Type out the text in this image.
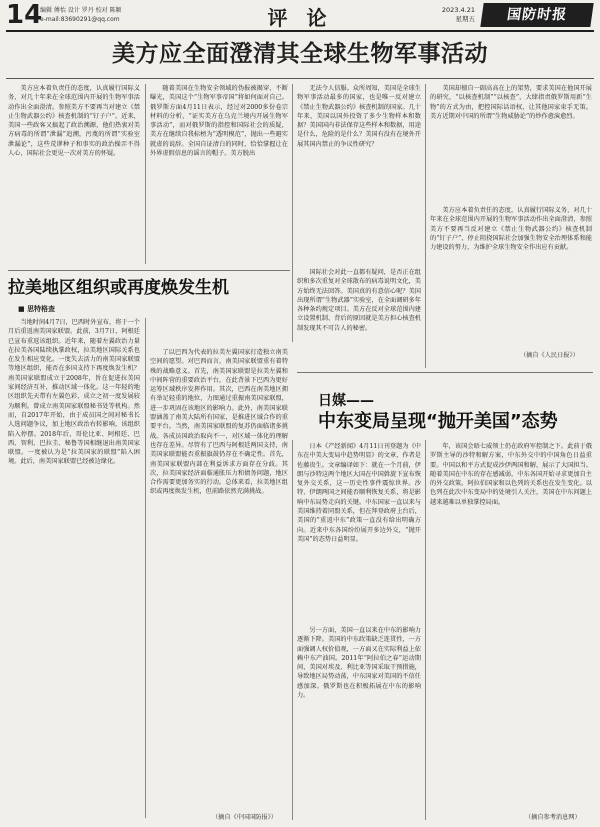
14
编辑 傅怡 设计 罗丹 校对 陈颖
e-mail:83690291@qq.com	评 论	2023.4.21
星期五	国防时报
美方应全面澄清其全球生物军事活动

美方应本着负责任的态度，认真履行国际义务，对几十年来在全球范围内开展的生物军事活动作出全面澄清。参照美方不要再当对建立《禁止生物武器公约》核查机制的“钉子户”。近来，美国一些政客又搞起了政治溯源，他们热衷对美方病毒的所谓“泄漏”追溯，污蔑的所谓“实验室泄漏论”，这些荒谬种子和事实的政治操弄不得人心，国际社会更见一次对美方的怀疑。

随着美国在生物安全领域的伪报被揭穿，不断曝光，美国这个“生物军事帝国”将如何面对自己。俄罗斯方面4月11日表示，经过对2000多份卷宗材料的分析，“证实美方在乌克兰境内开展生物军事活动”，而对俄罗斯的指控和国际社会的质疑，美方在继续自我标榜为“透明模范”，抛出一些避实就虚的说辞。全国自证清白的同时，恰恰掌握让在外界虚假信息的谣言的帽子。美方脱出

无法令人信服。众所周知，美国是全球生物军事活动最多的国家，也是唯一反对建立《禁止生物武器公约》核查机制的国家。几十年来，美国以国外投资了多少生物样本和数据？美国国内非法保存这些样本和数据，用途是什么，危险的是什么？美国有没有在境外开展其国内禁止的争议性研究？

国际社会对此一直都有疑问，是否正在组织和多次重复对全球散布的病毒说明文化，美方始终无法回答。美国真的有意信心呢？美国出现所谓“生物武器”实验室，在全面调研多年各种条约规定项目。美方在反对全球范围内建立设置机制、背后的原因就是美方担心核查机制发现其不可告人的秘密。

美国却擅自一副高高在上的架势，要求美国在他国开展的研究，“以核查机制”“以核查”，大肆指责俄罗斯用新“生物”的方式为由，把控国际话语权，让其他国家束手无策。美方近期对中国的所谓“生物威胁论”的炒作愈演愈烈。

美方应本着负责任的态度，认真履行国际义务，对几十年来在全球范围内开展的生物军事活动作出全面澄清，参照美方不要再当反对建立《禁止生物武器公约》核查机制的“钉子户”，停止阻挠国际社会加强生物安全治理体系和能力建设的努力，为维护全球生物安全作出应有贡献。

（摘自《人民日报》）
拉美地区组织或再度焕发生机
■ 思特格查

当地时间4月7日，巴西时外宣布，将于一个月后重返南美国家联盟。此前，3月7日，阿根廷已宣布重返该组织。近年来，随着左翼政治力量在拉美各国陆续执掌政权，拉美地区国际关系也在发生相应变化。一度失去活力的南美国家联盟等地区组织，能否在多国支持下再度焕发生机？南美国家联盟成立于2008年，旨在促进拉美国家间经济互补，推动区域一体化。这一年轻的地区组织先天带有左翼色彩，成立之初一度发展较为顺利。曾成立南美国家联盟秘书处等机构。然而，自2017年开始，由于成员国之间对秘书长人选问题争议，加上地区政治右转影响，该组织陷入停摆。2018年后，哥伦比亚、阿根廷、巴西、智利、巴拉圭、秘鲁等国相继退出南美国家联盟。一度被认为是“拉美国家的联盟”陷入困境。此后，南美国家联盟已经被边缘化。

了以巴西为代表的拉美左翼国家打造独立南美空间的愿望。对巴西而言，南美国家联盟重有着特殊的战略意义。首先，南美国家联盟是拉美左翼和中间阵营的重要政治平台，在此背景下巴西为更好运筹区域秩序发挥作用。其次，巴西在南美地区拥有举足轻重的地位，力图通过重振南美国家联盟，进一步巩固在该地区的影响力。此外，南美国家联盟涵盖了南美大陆所有国家，是推进区域合作的重要平台。当然，南美国家联盟的复苏仍面临诸多挑战。各成员国政治取向不一，对区域一体化的理解也存在差异。尽管有了巴西与阿根廷两国支持，南美国家联盟能否重振旗鼓仍存在不确定性。首先，南美国家联盟内部在利益诉求方面存在分歧。其次，拉美国家经济面临通胀压力和债务问题，地区合作需要更加务实的行动。总体来看，拉美地区组织或再度焕发生机，但前路依然充满挑战。

（摘自《中国国防报》）
日媒——
中东变局呈现“抛开美国”态势

日本《产经新闻》4月11日刊登题为《中东在中美大变局中趋势明显》的文章，作者是佐藤贵生。文章编译如下：就在一个月前，伊朗与沙特这两个地区大国在中国斡旋下宣布恢复外交关系，这一历史性事件震惊世界。沙特、伊朗两国之间能否顺利恢复关系，将是影响中东局势走向的关键。中东国家一直以来与美国维持着同盟关系，但在拜登政府上台后，美国的“重返中东”政策一直没有给出明确方向。近来中东各国纷纷展开多边外交，“抛开美国”的态势日益明显。

另一方面，美国一直以来在中东的影响力逐渐下降。美国的中东政策缺乏连贯性，一方面强调人权价值观，一方面又在实际利益上依赖中东产油国。2011年“阿拉伯之春”运动期间，美国对埃及、利比亚等国采取干预措施，导致地区局势动荡，中东国家对美国的不信任感加深。俄罗斯也在积极拓展在中东的影响力。

年，该国会晤七威领土仍在政府军控制之下。此前于俄罗斯主导的沙特和解方案，中东外交中的中国角色日益重要。中国以和平方式促成沙伊两国和解，展示了大国担当。随着美国在中东的存在感减弱，中东各国开始寻求更加自主的外交政策。阿拉伯国家和以色列的关系也在发生变化。以色列在此次中东变局中的处境引人关注，美国在中东问题上越来越难以单独掌控局面。

（摘自参考消息网）
